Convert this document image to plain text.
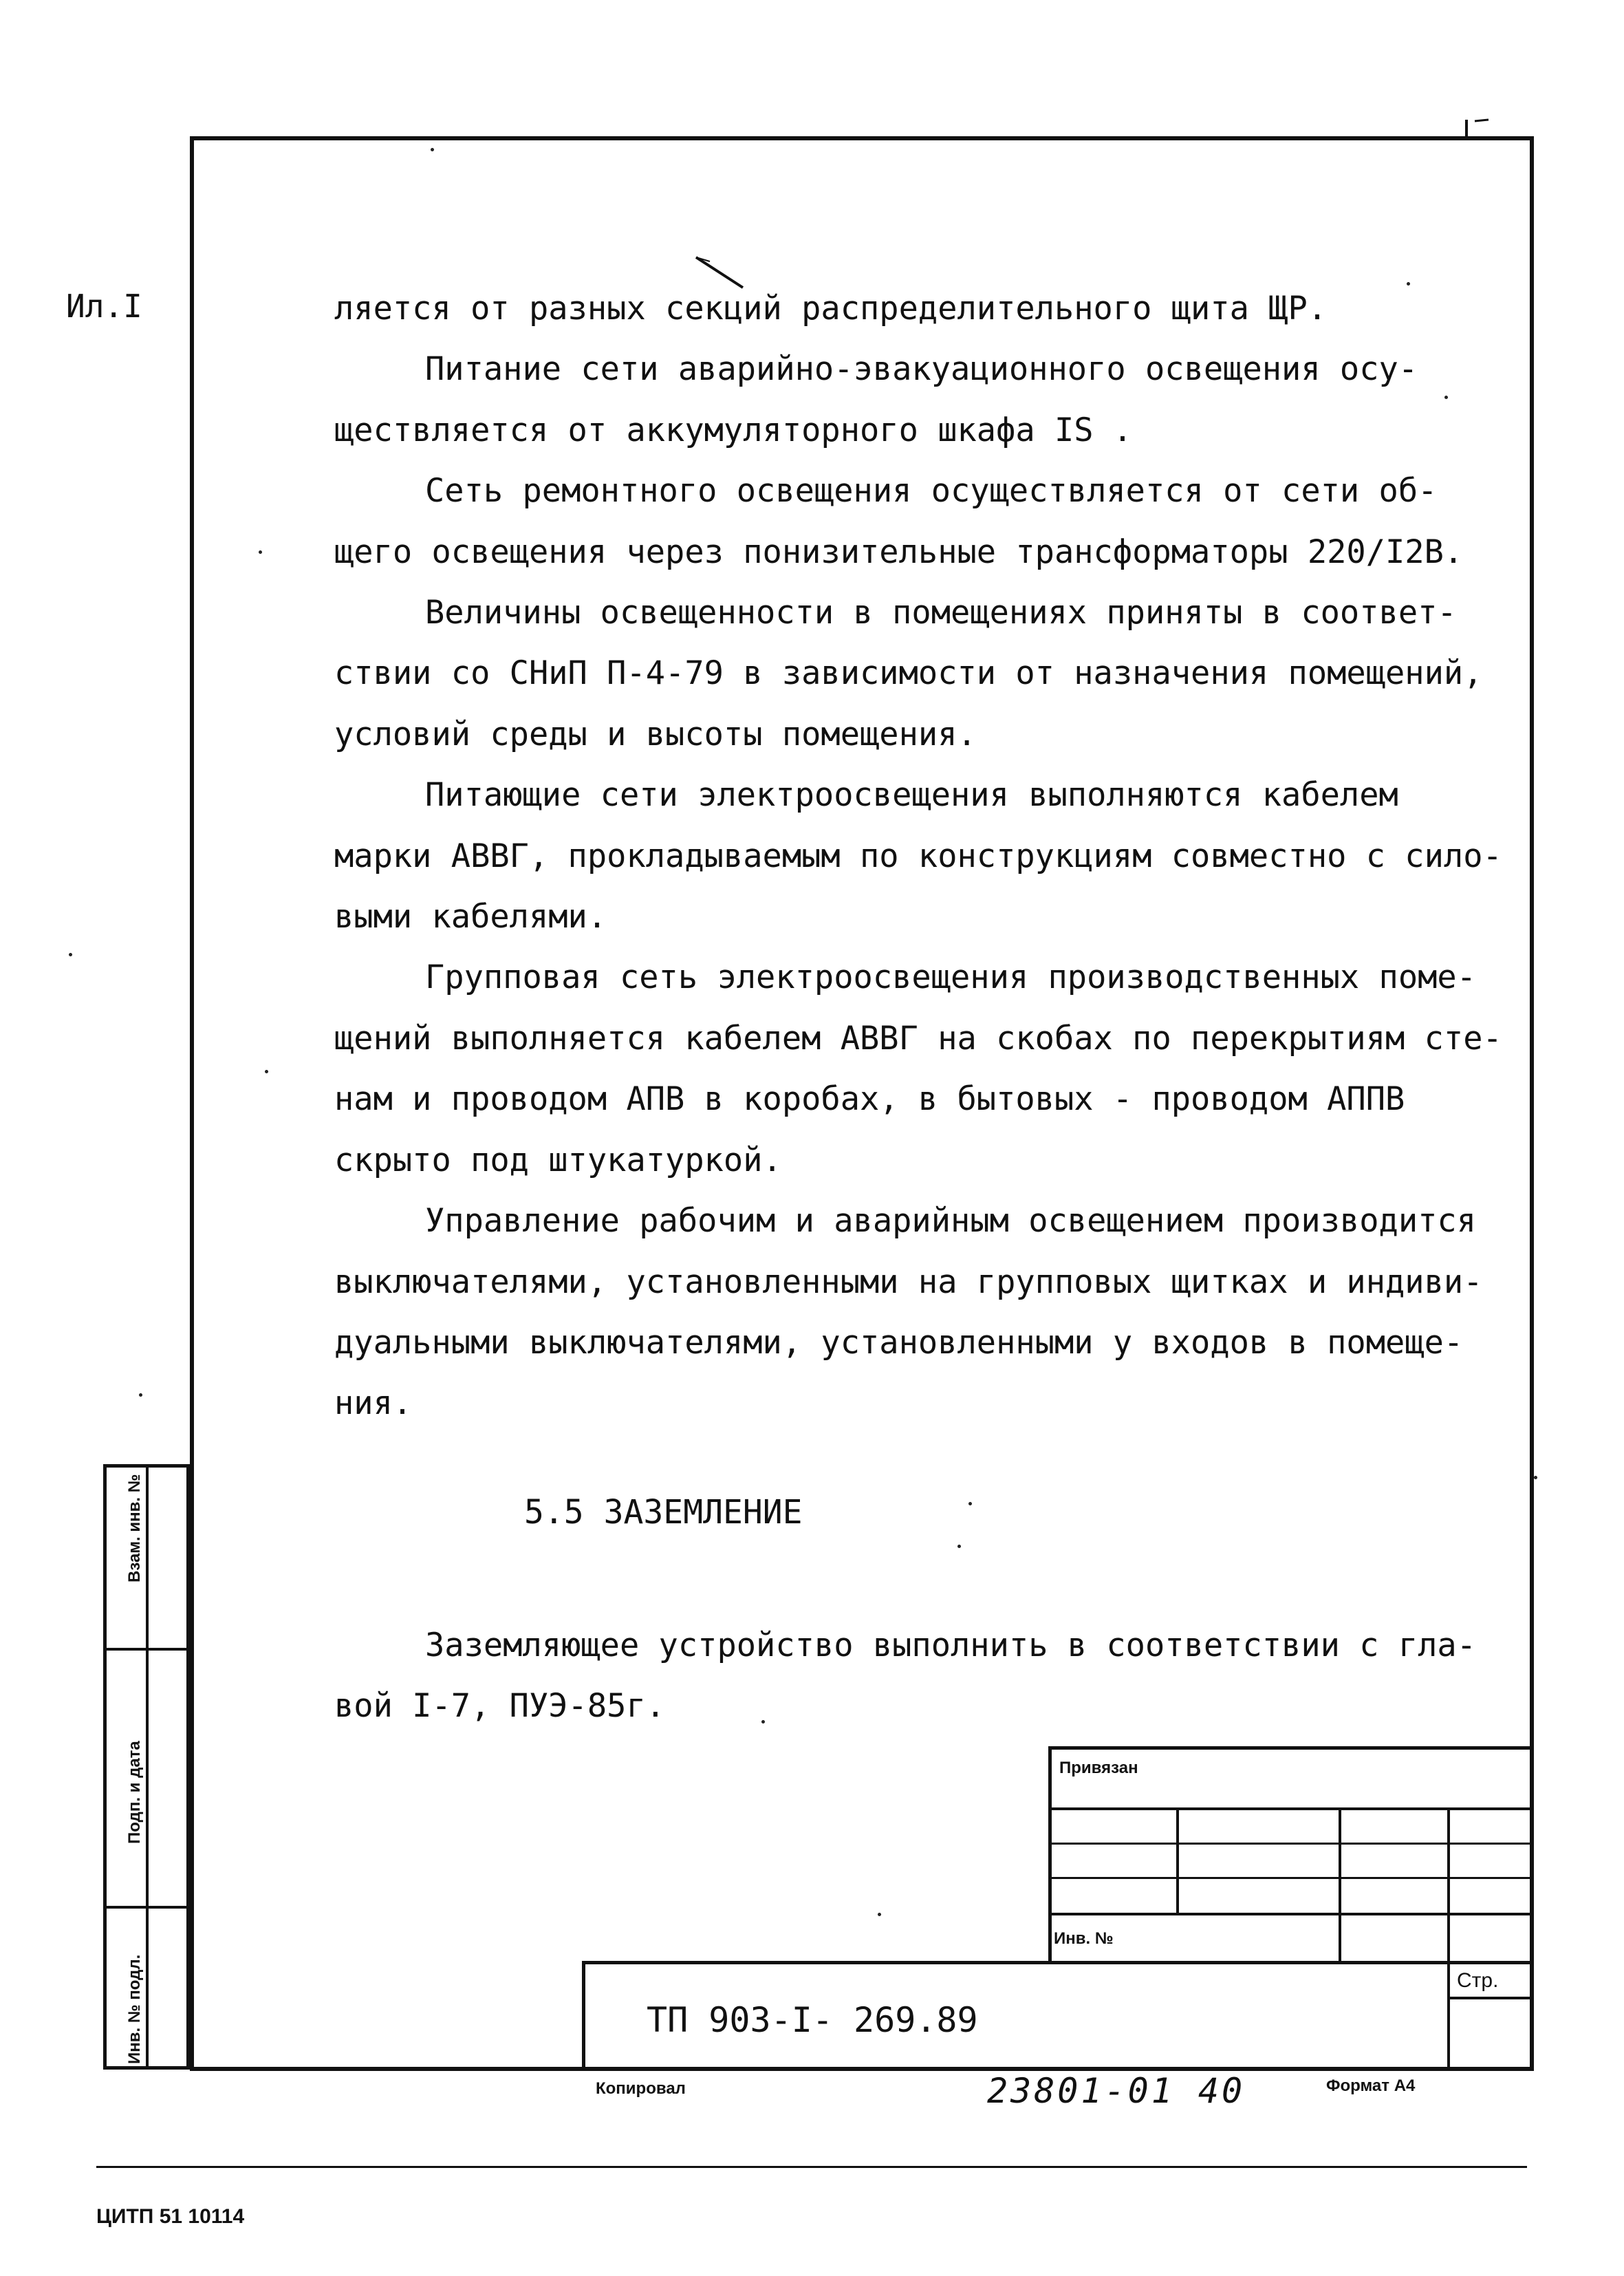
Ил.I	ляется от разных секций распределительного щита ЩР.

Питание сети аварийно-эвакуационного освещения осу-

ществляется от аккумуляторного шкафа IS .

Сеть ремонтного освещения осуществляется от сети об-

щего освещения через понизительные трансформаторы 220/I2В.

Величины освещенности в помещениях приняты в соответ-

ствии со СНиП П-4-79 в зависимости от назначения помещений,

условий среды и высоты помещения.

Питающие сети электроосвещения выполняются кабелем

марки АВВГ, прокладываемым по конструкциям совместно с сило-

выми кабелями.

Групповая сеть электроосвещения производственных поме-

щений выполняется кабелем АВВГ на скобах по перекрытиям сте-

нам и проводом АПВ в коробах, в бытовых - проводом АППВ

скрыто под штукатуркой.

Управление рабочим и аварийным освещением производится

выключателями, установленными на групповых щитках и индиви-

дуальными выключателями, установленными у входов в помеще-

ния.

5.5 ЗАЗЕМЛЕНИЕ

Заземляющее устройство выполнить в соответствии с гла-

вой I-7, ПУЭ-85г.

Взам. инв. №
Подп. и дата
Инв. № подл.
Привязан
Инв. №
Стр.
ТП 903-I- 269.89
Копировал	23801-01 40	Формат А4
ЦИТП 51 10114
